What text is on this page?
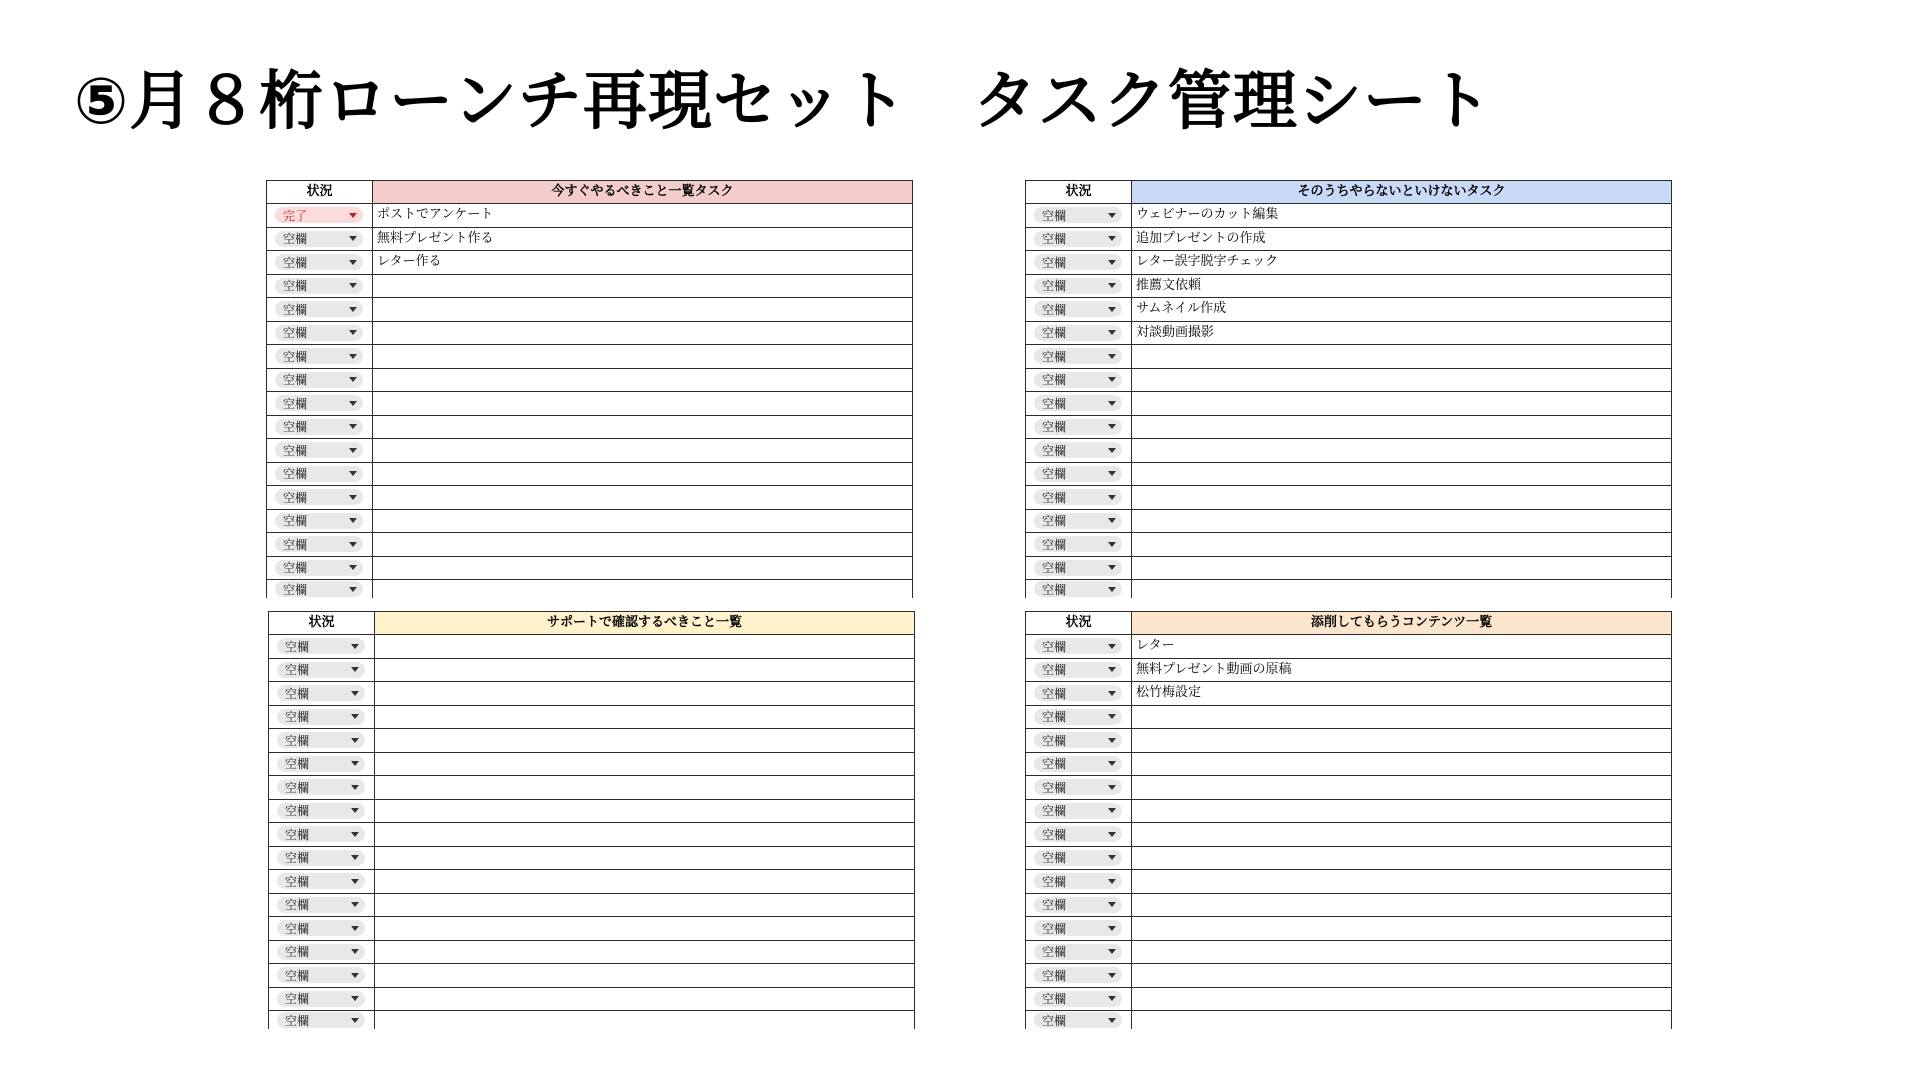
⑤月８桁ローンチ再現セット　タスク管理シート
状況	今すぐやるべきこと一覧タスク
完了	ポストでアンケート
空欄	無料プレゼント作る
空欄	レター作る
空欄
空欄
空欄
空欄
空欄
空欄
空欄
空欄
空欄
空欄
空欄
空欄
空欄
空欄
状況	そのうちやらないといけないタスク
空欄	ウェビナーのカット編集
空欄	追加プレゼントの作成
空欄	レター誤字脱字チェック
空欄	推薦文依頼
空欄	サムネイル作成
空欄	対談動画撮影
空欄
空欄
空欄
空欄
空欄
空欄
空欄
空欄
空欄
空欄
空欄
状況	サポートで確認するべきこと一覧
空欄
空欄
空欄
空欄
空欄
空欄
空欄
空欄
空欄
空欄
空欄
空欄
空欄
空欄
空欄
空欄
空欄
状況	添削してもらうコンテンツ一覧
空欄	レター
空欄	無料プレゼント動画の原稿
空欄	松竹梅設定
空欄
空欄
空欄
空欄
空欄
空欄
空欄
空欄
空欄
空欄
空欄
空欄
空欄
空欄
